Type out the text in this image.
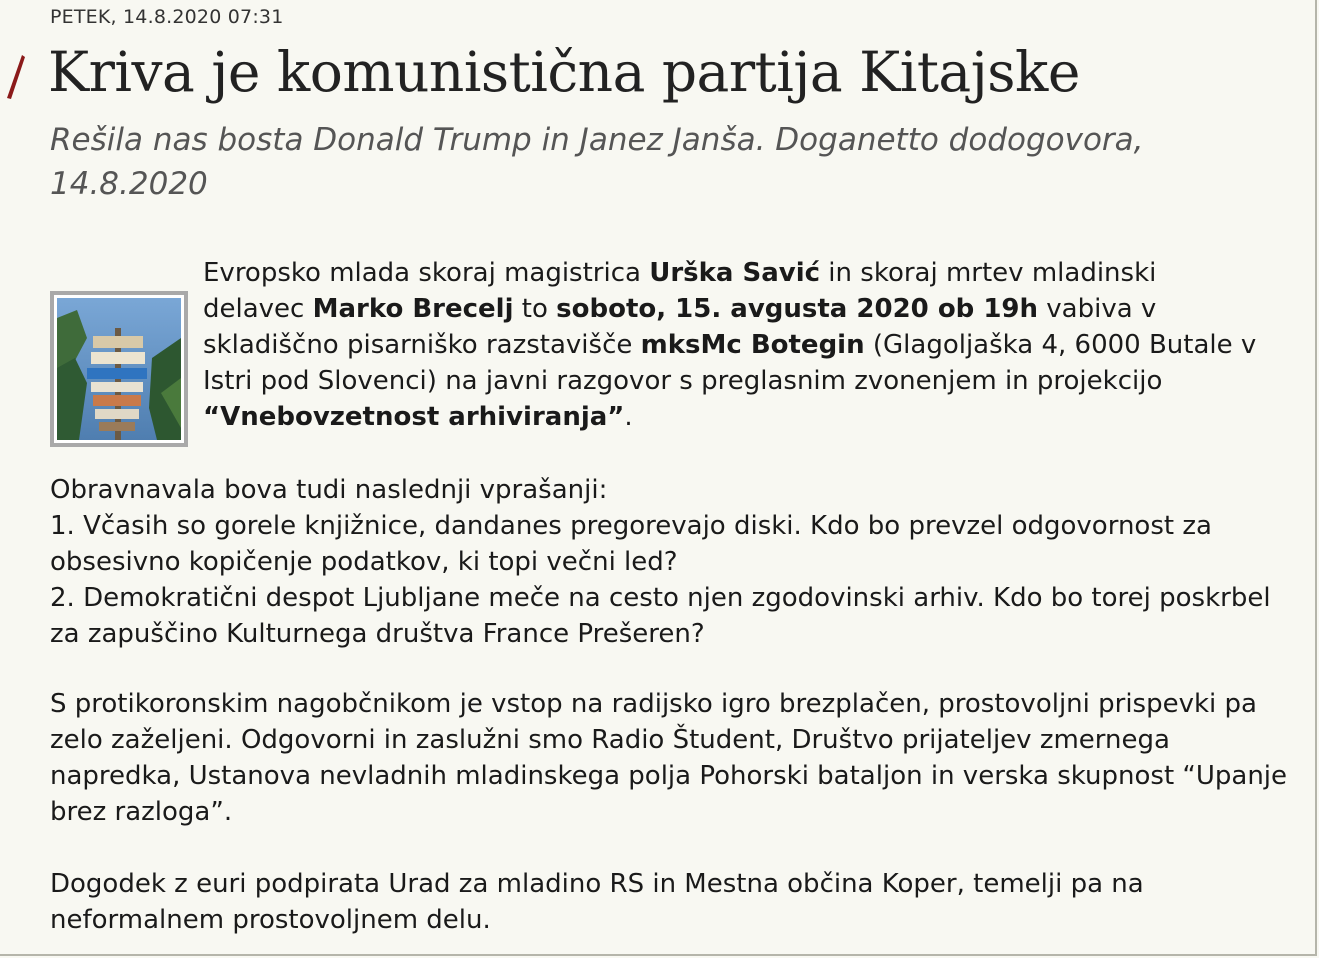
PETEK, 14.8.2020 07:31
Kriva je komunistična partija Kitajske

Rešila nas bosta Donald Trump in Janez Janša. Doganetto dodogovora, 14.8.2020

Evropsko mlada skoraj magistrica Urška Savić in skoraj mrtev mladinski delavec Marko Brecelj to soboto, 15. avgusta 2020 ob 19h vabiva v skladiščno pisarniško razstavišče mksMc Botegin (Glagoljaška 4, 6000 Butale v Istri pod Slovenci) na javni razgovor s preglasnim zvonenjem in projekcijo “Vnebovzetnost arhiviranja”.

Obravnavala bova tudi naslednji vprašanji:
1. Včasih so gorele knjižnice, dandanes pregorevajo diski. Kdo bo prevzel odgovornost za obsesivno kopičenje podatkov, ki topi večni led?
2. Demokratični despot Ljubljane meče na cesto njen zgodovinski arhiv. Kdo bo torej poskrbel za zapuščino Kulturnega društva France Prešeren?

S protikoronskim nagobčnikom je vstop na radijsko igro brezplačen, prostovoljni prispevki pa zelo zaželjeni. Odgovorni in zaslužni smo Radio Študent, Društvo prijateljev zmernega napredka, Ustanova nevladnih mladinskega polja Pohorski bataljon in verska skupnost “Upanje brez razloga”.

Dogodek z euri podpirata Urad za mladino RS in Mestna občina Koper, temelji pa na neformalnem prostovoljnem delu.
